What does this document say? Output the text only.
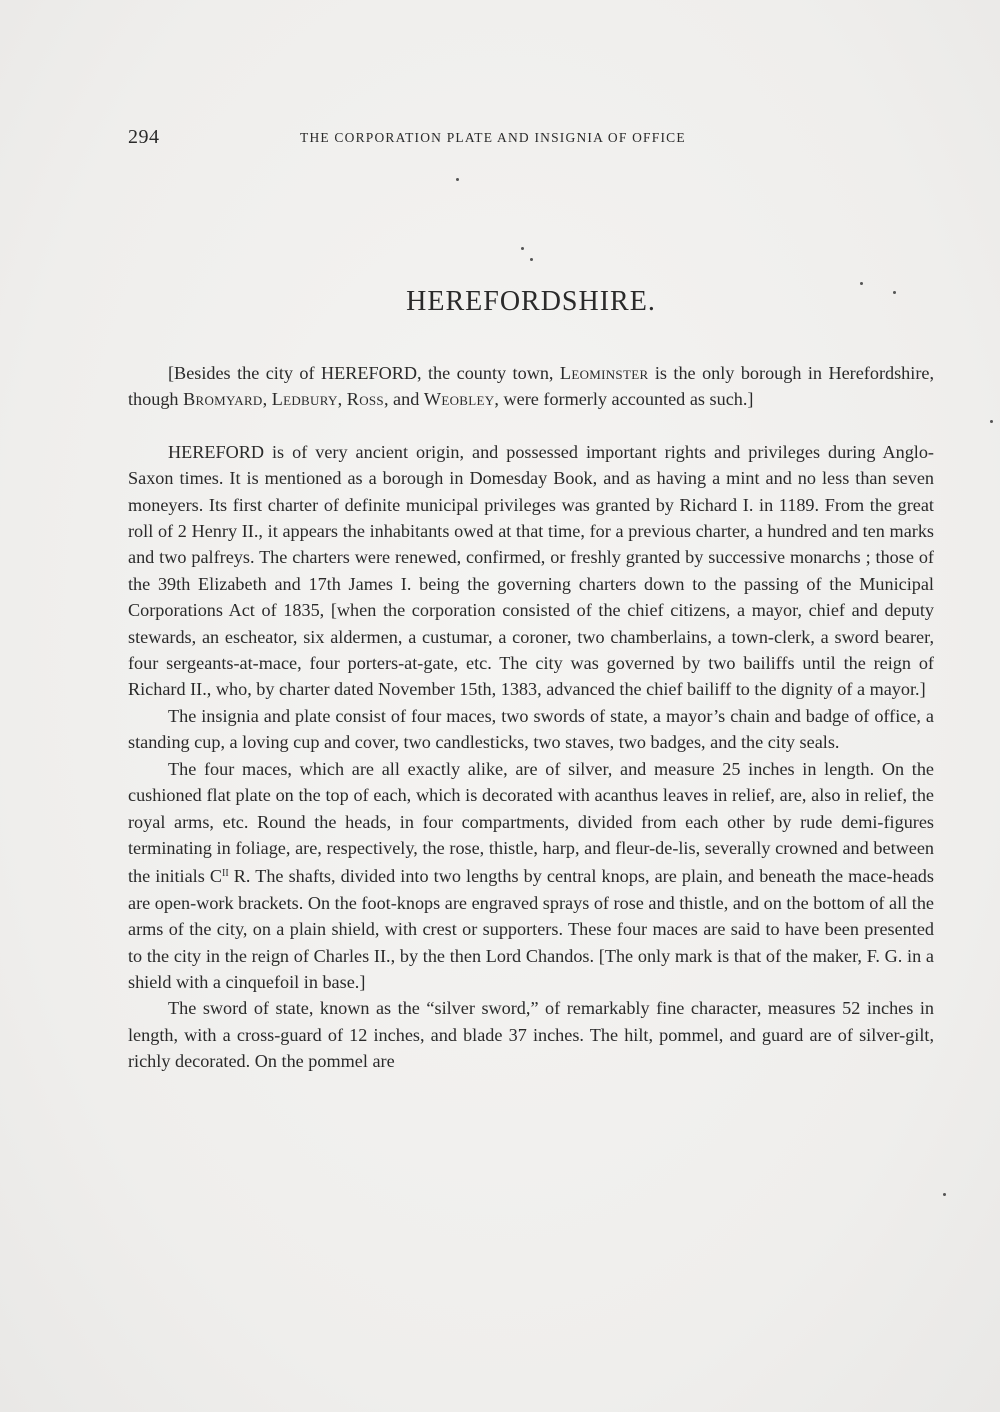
294	THE CORPORATION PLATE AND INSIGNIA OF OFFICE
HEREFORDSHIRE.

[Besides the city of HEREFORD, the county town, Leominster is the only borough in Herefordshire, though Bromyard, Ledbury, Ross, and Weobley, were formerly accounted as such.]

HEREFORD is of very ancient origin, and possessed important rights and privileges during Anglo-Saxon times. It is mentioned as a borough in Domesday Book, and as having a mint and no less than seven moneyers. Its first charter of definite municipal privileges was granted by Richard I. in 1189. From the great roll of 2 Henry II., it appears the inhabitants owed at that time, for a previous charter, a hundred and ten marks and two palfreys. The charters were renewed, confirmed, or freshly granted by successive monarchs ; those of the 39th Elizabeth and 17th James I. being the governing charters down to the passing of the Municipal Corporations Act of 1835, [when the corporation consisted of the chief citizens, a mayor, chief and deputy stewards, an escheator, six aldermen, a custumar, a coroner, two chamberlains, a town-clerk, a sword bearer, four sergeants-at-mace, four porters-at-gate, etc. The city was governed by two bailiffs until the reign of Richard II., who, by charter dated November 15th, 1383, advanced the chief bailiff to the dignity of a mayor.]

The insignia and plate consist of four maces, two swords of state, a mayor’s chain and badge of office, a standing cup, a loving cup and cover, two candlesticks, two staves, two badges, and the city seals.

The four maces, which are all exactly alike, are of silver, and measure 25 inches in length. On the cushioned flat plate on the top of each, which is decorated with acanthus leaves in relief, are, also in relief, the royal arms, etc. Round the heads, in four compartments, divided from each other by rude demi-figures terminating in foliage, are, respectively, the rose, thistle, harp, and fleur-de-lis, severally crowned and between the initials $C^{II}$ R. The shafts, divided into two lengths by central knops, are plain, and beneath the mace-heads are open-work brackets. On the foot-knops are engraved sprays of rose and thistle, and on the bottom of all the arms of the city, on a plain shield, with crest or supporters. These four maces are said to have been presented to the city in the reign of Charles II., by the then Lord Chandos. [The only mark is that of the maker, F. G. in a shield with a cinquefoil in base.]

The sword of state, known as the “silver sword,” of remarkably fine character, measures 52 inches in length, with a cross-guard of 12 inches, and blade 37 inches. The hilt, pommel, and guard are of silver-gilt, richly decorated. On the pommel are
